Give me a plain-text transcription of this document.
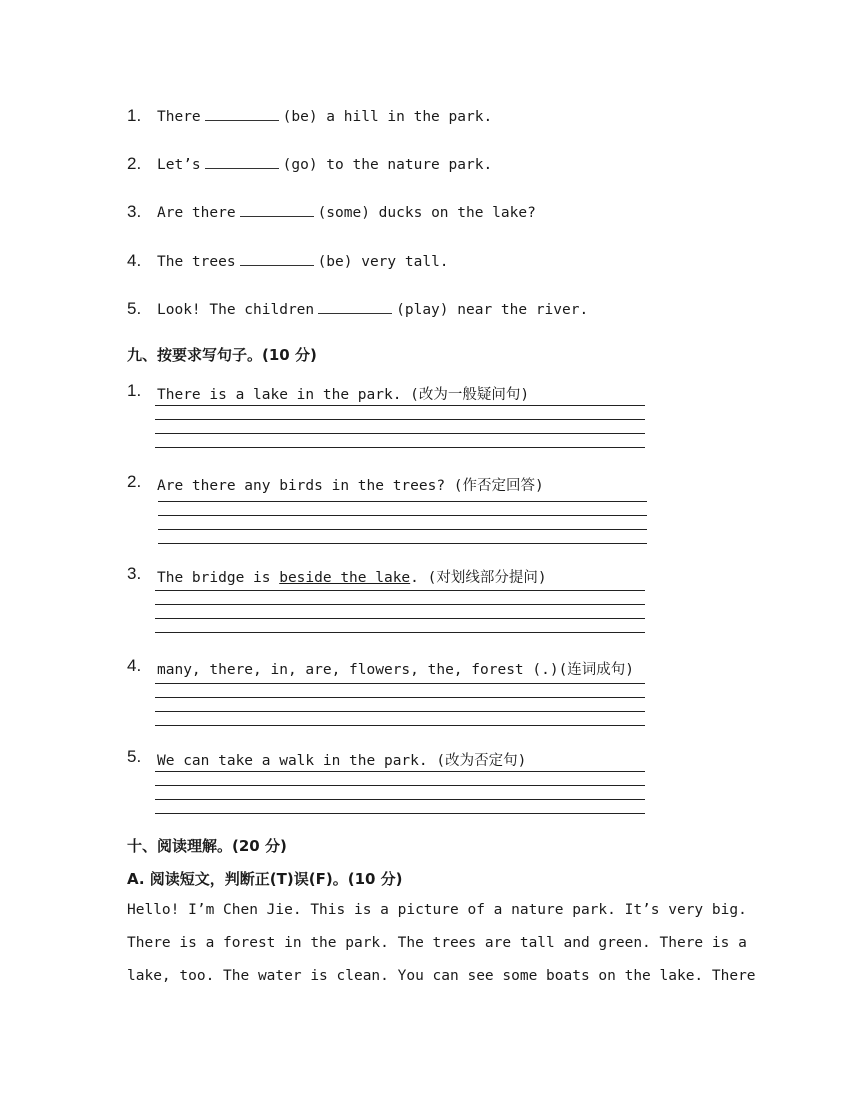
1. There	(be) a hill in the park.
2. Let’s	(go) to the nature park.
3. Are there	(some) ducks on the lake?
4. The trees	(be) very tall.
5. Look! The children	(play) near the river.
九、按要求写句子。(10 分)
1. There is a lake in the park. (改为一般疑问句)
2. Are there any birds in the trees? (作否定回答)
3. The bridge is beside the lake. (对划线部分提问)
4. many, there, in, are, flowers, the, forest (.)(连词成句)
5. We can take a walk in the park. (改为否定句)
十、阅读理解。(20 分)
A. 阅读短文，判断正(T)误(F)。(10 分)
Hello! I’m Chen Jie. This is a picture of a nature park. It’s very big.
There is a forest in the park. The trees are tall and green. There is a
lake, too. The water is clean. You can see some boats on the lake. There
